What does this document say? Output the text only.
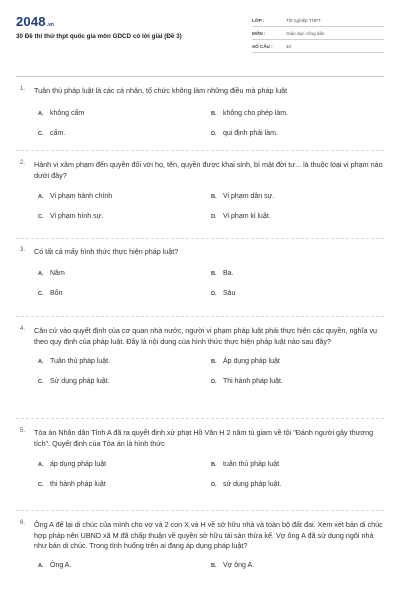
2048 .vn
30 Đề thi thử thpt quốc gia môn GDCD có lời giải (Đề 3)
LỚP :	Tốt nghiệp THPT
MÔN :	Giáo dục công dân
SỐ CÂU :	40
1.	Tuân thủ pháp luật là các cá nhân, tổ chức không làm những điều mà pháp luật
A. không cấm	B. không cho phép làm.
C. cấm.	D. qui định phải làm.
2.	Hành vi xâm phạm đến quyền đối với họ, tên, quyền được khai sinh, bí mật đời tư... là thuộc loại vi phạm nào dưới đây?
A. Vi phạm hành chính	B. Vi phạm dân sự.
C. Vi phạm hình sự.	D. Vi phạm kỉ luật.
3.	Có tất cả mấy hình thức thực hiện pháp luật?
A. Năm	B. Ba.
C. Bốn	D. Sáu
4.	Căn cứ vào quyết định của cơ quan nhà nước, người vi phạm pháp luật phải thực hiện các quyền, nghĩa vụ theo quy định của pháp luật. Đây là nội dung của hình thức thực hiện pháp luật nào sau đây?
A. Tuân thủ pháp luật.	B. Áp dụng pháp luật
C. Sử dụng pháp luật.	D. Thi hành pháp luật.
5.	Tòa án Nhân dân Tỉnh A đã ra quyết định xử phạt Hồ Văn H 2 năm tù giam về tội "Đánh người gây thương tích". Quyết định của Tòa án là hình thức
A. áp dụng pháp luật	B. tuân thủ pháp luật
C. thi hành pháp luật	D. sử dụng pháp luật.
6.	Ông A để lại di chúc của mình cho vợ và 2 con X và H về sở hữu nhà và toàn bộ đất đai. Xem xét bản di chúc hợp pháp nên UBND xã M đã chấp thuận về quyền sở hữu tài sản thừa kế. Vợ ông A đã sử dụng ngôi nhà như bản di chúc. Trong tình huống trên ai đang áp dụng pháp luật?
A. Ông A.	B. Vợ ông A.
